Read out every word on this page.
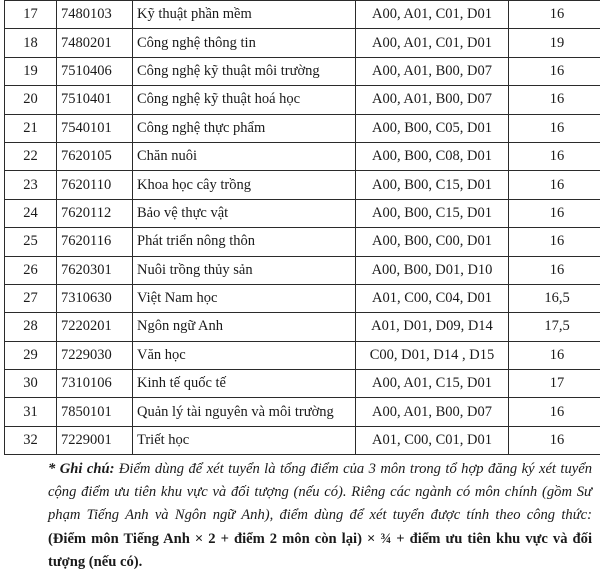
17	7480103	Kỹ thuật phần mềm	A00, A01, C01, D01	16
18	7480201	Công nghệ thông tin	A00, A01, C01, D01	19
19	7510406	Công nghệ kỹ thuật môi trường	A00, A01, B00, D07	16
20	7510401	Công nghệ kỹ thuật hoá học	A00, A01, B00, D07	16
21	7540101	Công nghệ thực phẩm	A00, B00, C05, D01	16
22	7620105	Chăn nuôi	A00, B00, C08, D01	16
23	7620110	Khoa học cây trồng	A00, B00, C15, D01	16
24	7620112	Bảo vệ thực vật	A00, B00, C15, D01	16
25	7620116	Phát triển nông thôn	A00, B00, C00, D01	16
26	7620301	Nuôi trồng thủy sản	A00, B00, D01, D10	16
27	7310630	Việt Nam học	A01, C00, C04, D01	16,5
28	7220201	Ngôn ngữ Anh	A01, D01, D09, D14	17,5
29	7229030	Văn học	C00, D01, D14 , D15	16
30	7310106	Kinh tế quốc tế	A00, A01, C15, D01	17
31	7850101	Quản lý tài nguyên và môi trường	A00, A01, B00, D07	16
32	7229001	Triết học	A01, C00, C01, D01	16
* Ghi chú: Điểm dùng để xét tuyển là tổng điểm của 3 môn trong tổ hợp đăng ký xét tuyển cộng điểm ưu tiên khu vực và đối tượng (nếu có). Riêng các ngành có môn chính (gồm Sư phạm Tiếng Anh và Ngôn ngữ Anh), điểm dùng để xét tuyển được tính theo công thức: (Điểm môn Tiếng Anh × 2 + điểm 2 môn còn lại) × ¾ + điểm ưu tiên khu vực và đối tượng (nếu có).
